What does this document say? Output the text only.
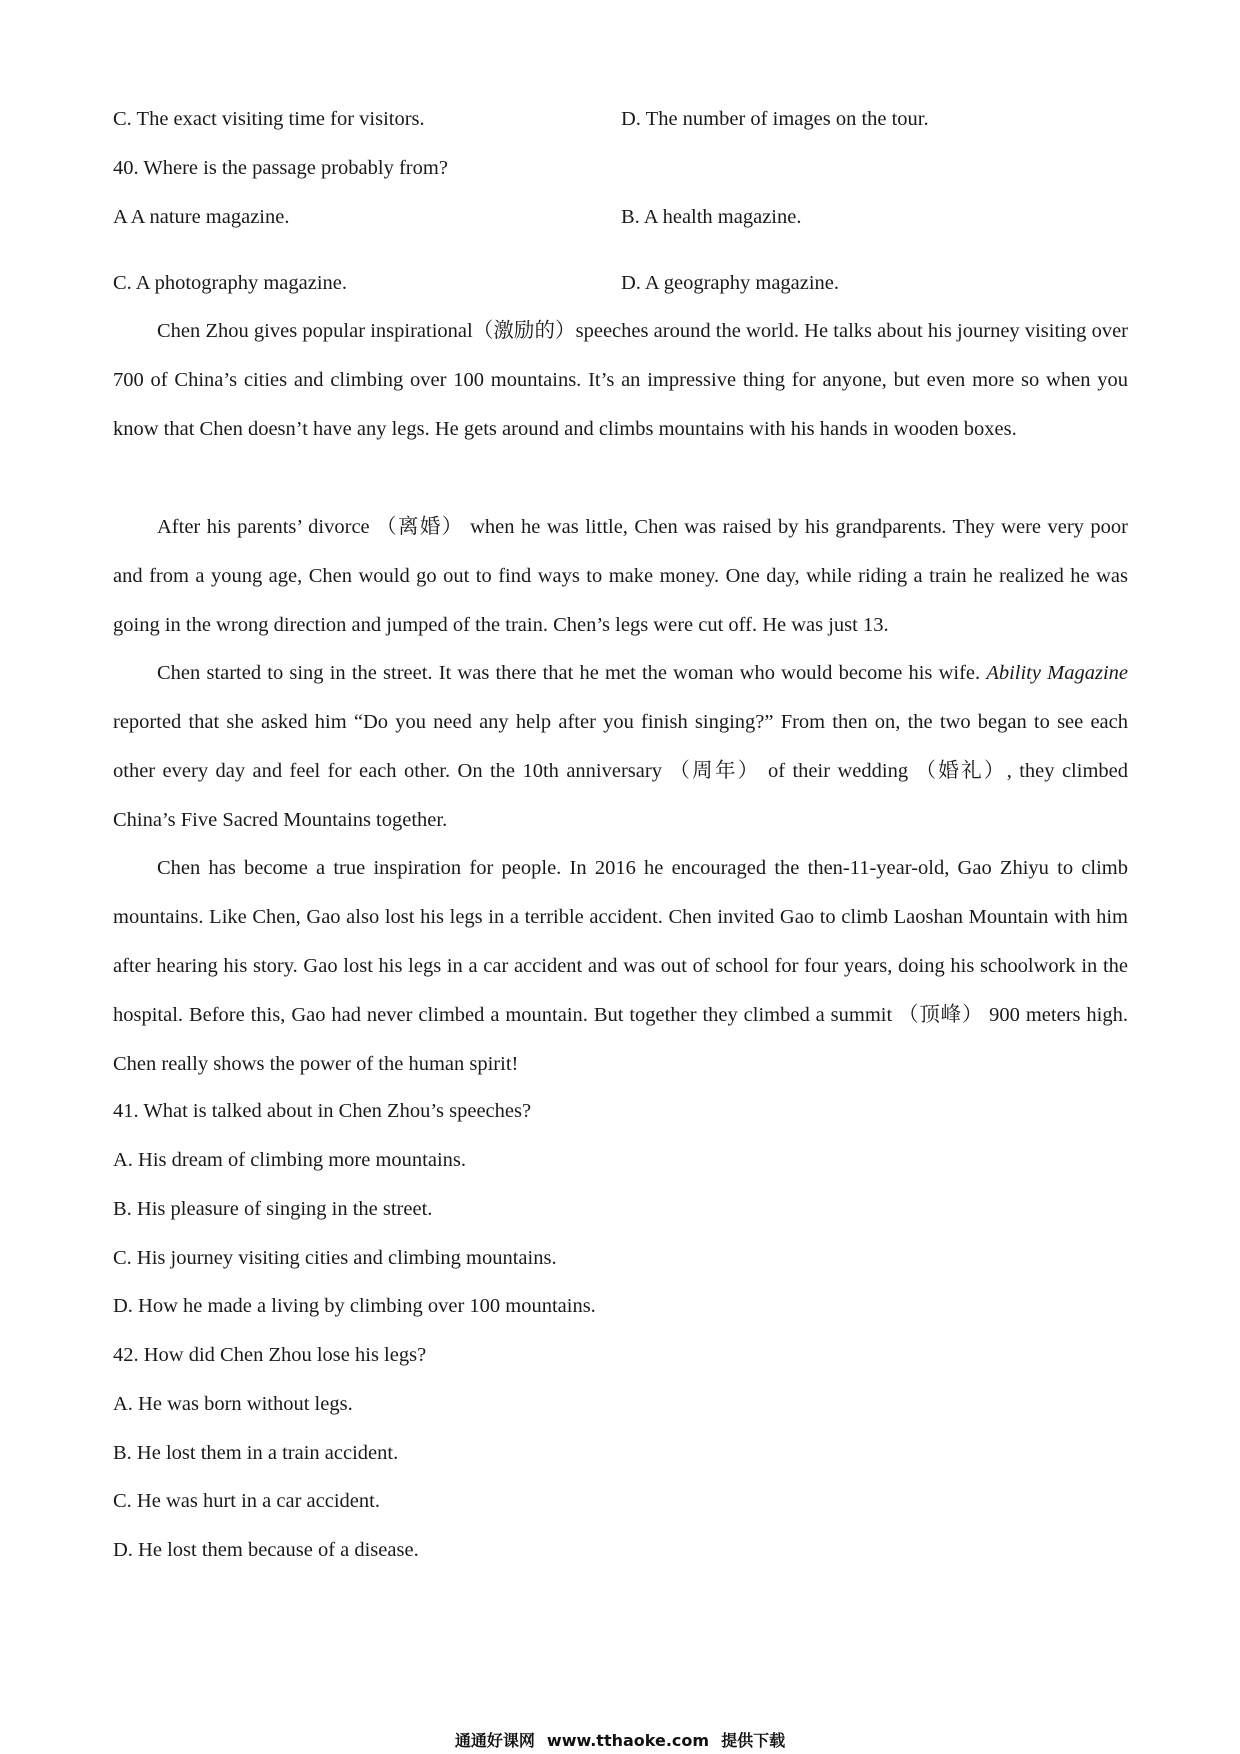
C. The exact visiting time for visitors.	D. The number of images on the tour.
40. Where is the passage probably from?
A A nature magazine.	B. A health magazine.
C. A photography magazine.	D. A geography magazine.

Chen Zhou gives popular inspirational（激励的）speeches around the world. He talks about his journey visiting over 700 of China’s cities and climbing over 100 mountains. It’s an impressive thing for anyone, but even more so when you know that Chen doesn’t have any legs. He gets around and climbs mountains with his hands in wooden boxes.

After his parents’ divorce （离婚） when he was little, Chen was raised by his grandparents. They were very poor and from a young age, Chen would go out to find ways to make money. One day, while riding a train he realized he was going in the wrong direction and jumped of the train. Chen’s legs were cut off. He was just 13.

Chen started to sing in the street. It was there that he met the woman who would become his wife. Ability Magazine reported that she asked him “Do you need any help after you finish singing?” From then on, the two began to see each other every day and feel for each other. On the 10th anniversary （周年） of their wedding （婚礼）, they climbed China’s Five Sacred Mountains together.

Chen has become a true inspiration for people. In 2016 he encouraged the then-11-year-old, Gao Zhiyu to climb mountains. Like Chen, Gao also lost his legs in a terrible accident. Chen invited Gao to climb Laoshan Mountain with him after hearing his story. Gao lost his legs in a car accident and was out of school for four years, doing his schoolwork in the hospital. Before this, Gao had never climbed a mountain. But together they climbed a summit （顶峰） 900 meters high. Chen really shows the power of the human spirit!

41. What is talked about in Chen Zhou’s speeches?
A. His dream of climbing more mountains.
B. His pleasure of singing in the street.
C. His journey visiting cities and climbing mountains.
D. How he made a living by climbing over 100 mountains.
42. How did Chen Zhou lose his legs?
A. He was born without legs.
B. He lost them in a train accident.
C. He was hurt in a car accident.
D. He lost them because of a disease.
通通好课网 www.tthaoke.com 提供下载
